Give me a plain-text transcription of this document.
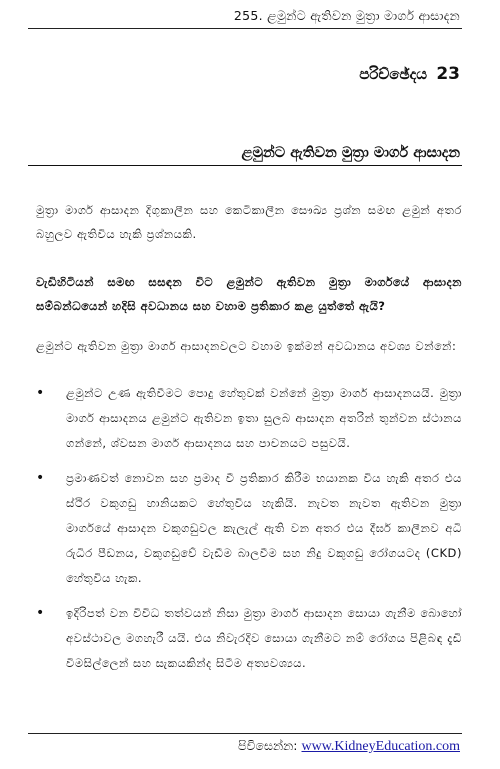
255. ළමුන්ට ඇතිවන මුත්‍රා මාර්ග ආසාදන
පරිච්ඡේදය 23
ළමුන්ට ඇතිවන මුත්‍රා මාර්ග ආසාදන

මුත්‍රා මාර්ග ආසාදන දිගුකාලීන සහ කෙටිකාලීන සෞඛ්‍ය ප්‍රශ්න සමඟ ළමුන් අතර බහුලව ඇතිවිය හැකි ප්‍රශ්නයකි.

වැඩිහිටියන් සමඟ සසඳන විට ළමුන්ට ඇතිවන මුත්‍රා මාර්ගයේ ආසාදන සම්බන්ධයෙන් හදිසි අවධානය සහ වහාම ප්‍රතිකාර කළ යුත්තේ ඇයි?

ළමුන්ට ඇතිවන මුත්‍රා මාර්ග ආසාදනවලට වහාම ඉක්මන් අවධානය අවශ්‍ය වන්නේ:

• ළමුන්ට උණ ඇතිවීමට පොදු හේතුවක් වන්නේ මුත්‍රා මාර්ග ආසාදනයයි. මුත්‍රා මාර්ග ආසාදනය ළමුන්ට ඇතිවන ඉතා සුලබ ආසාදන අතරින් තුන්වන ස්ථානය ගන්නේ, ශ්වසන මාර්ග ආසාදනය සහ පාචනයට පසුවයි.
• ප්‍රමාණවත් නොවන සහ ප්‍රමාද වී ප්‍රතිකාර කිරීම භයානක විය හැකි අතර එය ස්ථිර වකුගඩු හානියකට හේතුවිය හැකියි. නැවත නැවත ඇතිවන මුත්‍රා මාර්ගයේ ආසාදන වකුගඩුවල කැලැල් ඇති වන අතර එය දීර්ඝ කාලීනව අධි රුධිර පීඩනය, වකුගඩුවේ වැඩීම බාලවීම සහ නිදු වකුගඩු රෝගයටද (CKD) හේතුවිය හැක.
• ඉදිරිපත් වන විවිධ තත්වයන් නිසා මුත්‍රා මාර්ග ආසාදන සොයා ගැනීම බොහෝ අවස්ථාවල මගහැරී යයි. එය නිවැරදිව සොයා ගැනීමට නම් රෝගය පිළිබඳ දැඩි විමසිල්ලෙන් සහ සැකයකින්ද සිටීම අත්‍යවශ්‍යය.
පිවිසෙන්න: www.KidneyEducation.com
